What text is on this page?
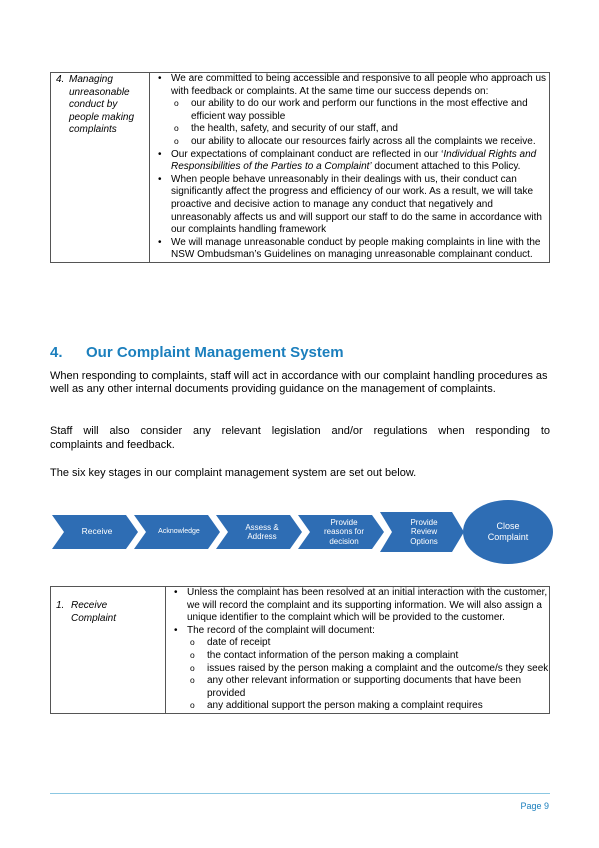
4. Managing unreasonable conduct by people making complaints

• We are committed to being accessible and responsive to all people who approach us with feedback or complaints. At the same time our success depends on:
o our ability to do our work and perform our functions in the most effective and efficient way possible
o the health, safety, and security of our staff, and
o our ability to allocate our resources fairly across all the complaints we receive.
• Our expectations of complainant conduct are reflected in our ‘Individual Rights and Responsibilities of the Parties to a Complaint’ document attached to this Policy.
• When people behave unreasonably in their dealings with us, their conduct can significantly affect the progress and efficiency of our work. As a result, we will take proactive and decisive action to manage any conduct that negatively and unreasonably affects us and will support our staff to do the same in accordance with our complaints handling framework
• We will manage unreasonable conduct by people making complaints in line with the NSW Ombudsman’s Guidelines on managing unreasonable complainant conduct.
4. Our Complaint Management System

When responding to complaints, staff will act in accordance with our complaint handling procedures as well as any other internal documents providing guidance on the management of complaints.

Staff will also consider any relevant legislation and/or regulations when responding to

complaints and feedback.

The six key stages in our complaint management system are set out below.

Receive	Acknowledge
Assess & Address
Provide reasons for decision
Provide Review Options
Close Complaint
1. Receive Complaint

• Unless the complaint has been resolved at an initial interaction with the customer, we will record the complaint and its supporting information. We will also assign a unique identifier to the complaint which will be provided to the customer.
• The record of the complaint will document:
o date of receipt
o the contact information of the person making a complaint
o issues raised by the person making a complaint and the outcome/s they seek
o any other relevant information or supporting documents that have been provided
o any additional support the person making a complaint requires
Page 9
